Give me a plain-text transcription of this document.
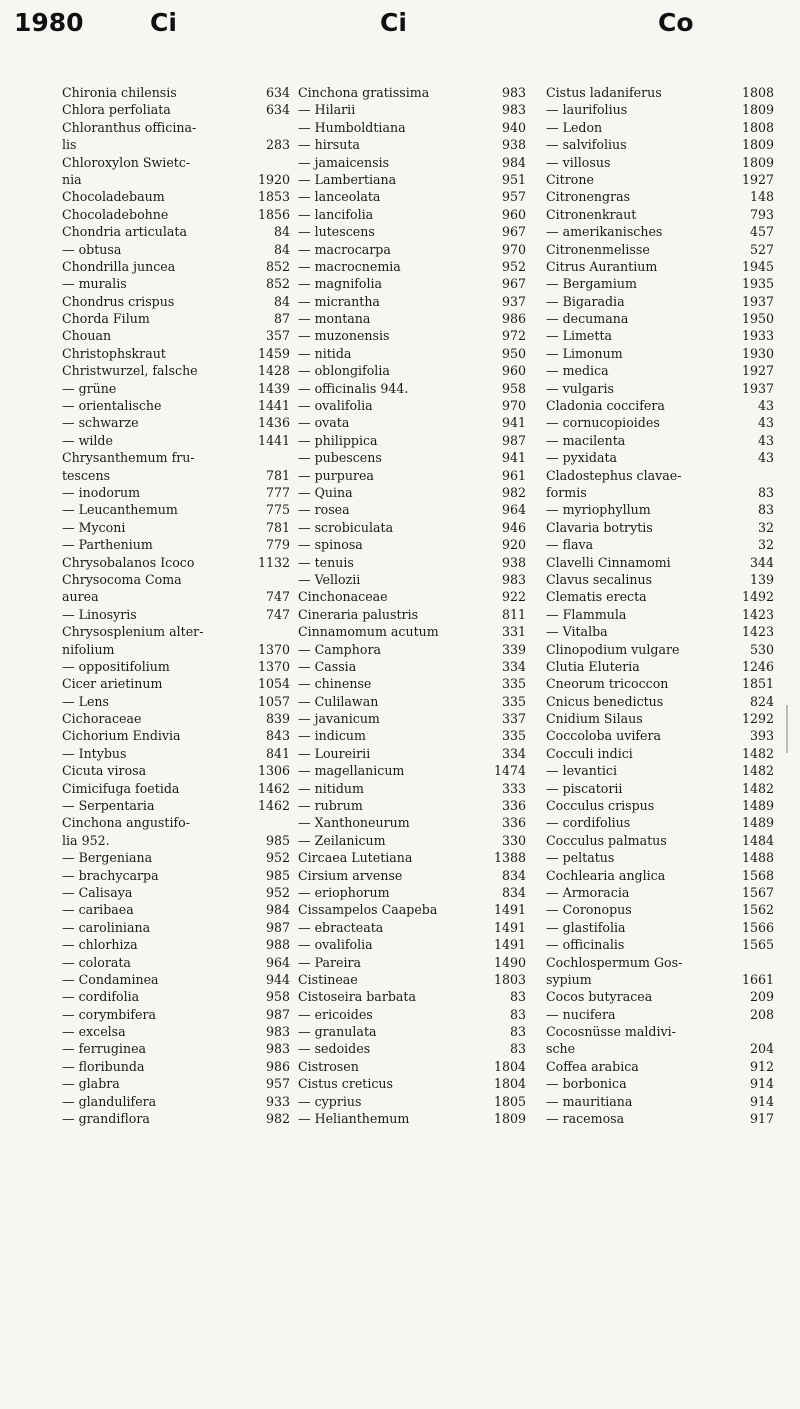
1980	Ci	Ci	Co
Chironia chilensis	634
Chlora perfoliata	634
Chloranthus officina-
lis	283
Chloroxylon Swietc-
nia	1920
Chocoladebaum	1853
Chocoladebohne	1856
Chondria articulata	84
— obtusa	84
Chondrilla juncea	852
— muralis	852
Chondrus crispus	84
Chorda Filum	87
Chouan	357
Christophskraut	1459
Christwurzel, falsche	1428
— grüne	1439
— orientalische	1441
— schwarze	1436
— wilde	1441
Chrysanthemum fru-
tescens	781
— inodorum	777
— Leucanthemum	775
— Myconi	781
— Parthenium	779
Chrysobalanos Icoco	1132
Chrysocoma Coma
aurea	747
— Linosyris	747
Chrysosplenium alter-
nifolium	1370
— oppositifolium	1370
Cicer arietinum	1054
— Lens	1057
Cichoraceae	839
Cichorium Endivia	843
— Intybus	841
Cicuta virosa	1306
Cimicifuga foetida	1462
— Serpentaria	1462
Cinchona angustifo-
lia 952.	985
— Bergeniana	952
— brachycarpa	985
— Calisaya	952
— caribaea	984
— caroliniana	987
— chlorhiza	988
— colorata	964
— Condaminea	944
— cordifolia	958
— corymbifera	987
— excelsa	983
— ferruginea	983
— floribunda	986
— glabra	957
— glandulifera	933
— grandiflora	982
Cinchona gratissima	983
— Hilarii	983
— Humboldtiana	940
— hirsuta	938
— jamaicensis	984
— Lambertiana	951
— lanceolata	957
— lancifolia	960
— lutescens	967
— macrocarpa	970
— macrocnemia	952
— magnifolia	967
— micrantha	937
— montana	986
— muzonensis	972
— nitida	950
— oblongifolia	960
— officinalis 944.	958
— ovalifolia	970
— ovata	941
— philippica	987
— pubescens	941
— purpurea	961
— Quina	982
— rosea	964
— scrobiculata	946
— spinosa	920
— tenuis	938
— Vellozii	983
Cinchonaceae	922
Cineraria palustris	811
Cinnamomum acutum	331
— Camphora	339
— Cassia	334
— chinense	335
— Culilawan	335
— javanicum	337
— indicum	335
— Loureirii	334
— magellanicum	1474
— nitidum	333
— rubrum	336
— Xanthoneurum	336
— Zeilanicum	330
Circaea Lutetiana	1388
Cirsium arvense	834
— eriophorum	834
Cissampelos Caapeba	1491
— ebracteata	1491
— ovalifolia	1491
— Pareira	1490
Cistineae	1803
Cistoseira barbata	83
— ericoides	83
— granulata	83
— sedoides	83
Cistrosen	1804
Cistus creticus	1804
— cyprius	1805
— Helianthemum	1809
Cistus ladaniferus	1808
— laurifolius	1809
— Ledon	1808
— salvifolius	1809
— villosus	1809
Citrone	1927
Citronengras	148
Citronenkraut	793
— amerikanisches	457
Citronenmelisse	527
Citrus Aurantium	1945
— Bergamium	1935
— Bigaradia	1937
— decumana	1950
— Limetta	1933
— Limonum	1930
— medica	1927
— vulgaris	1937
Cladonia coccifera	43
— cornucopioides	43
— macilenta	43
— pyxidata	43
Cladostephus clavae-
formis	83
— myriophyllum	83
Clavaria botrytis	32
— flava	32
Clavelli Cinnamomi	344
Clavus secalinus	139
Clematis erecta	1492
— Flammula	1423
— Vitalba	1423
Clinopodium vulgare	530
Clutia Eluteria	1246
Cneorum tricoccon	1851
Cnicus benedictus	824
Cnidium Silaus	1292
Coccoloba uvifera	393
Cocculi indici	1482
— levantici	1482
— piscatorii	1482
Cocculus crispus	1489
— cordifolius	1489
Cocculus palmatus	1484
— peltatus	1488
Cochlearia anglica	1568
— Armoracia	1567
— Coronopus	1562
— glastifolia	1566
— officinalis	1565
Cochlospermum Gos-
sypium	1661
Cocos butyracea	209
— nucifera	208
Cocosnüsse maldivi-
sche	204
Coffea arabica	912
— borbonica	914
— mauritiana	914
— racemosa	917
